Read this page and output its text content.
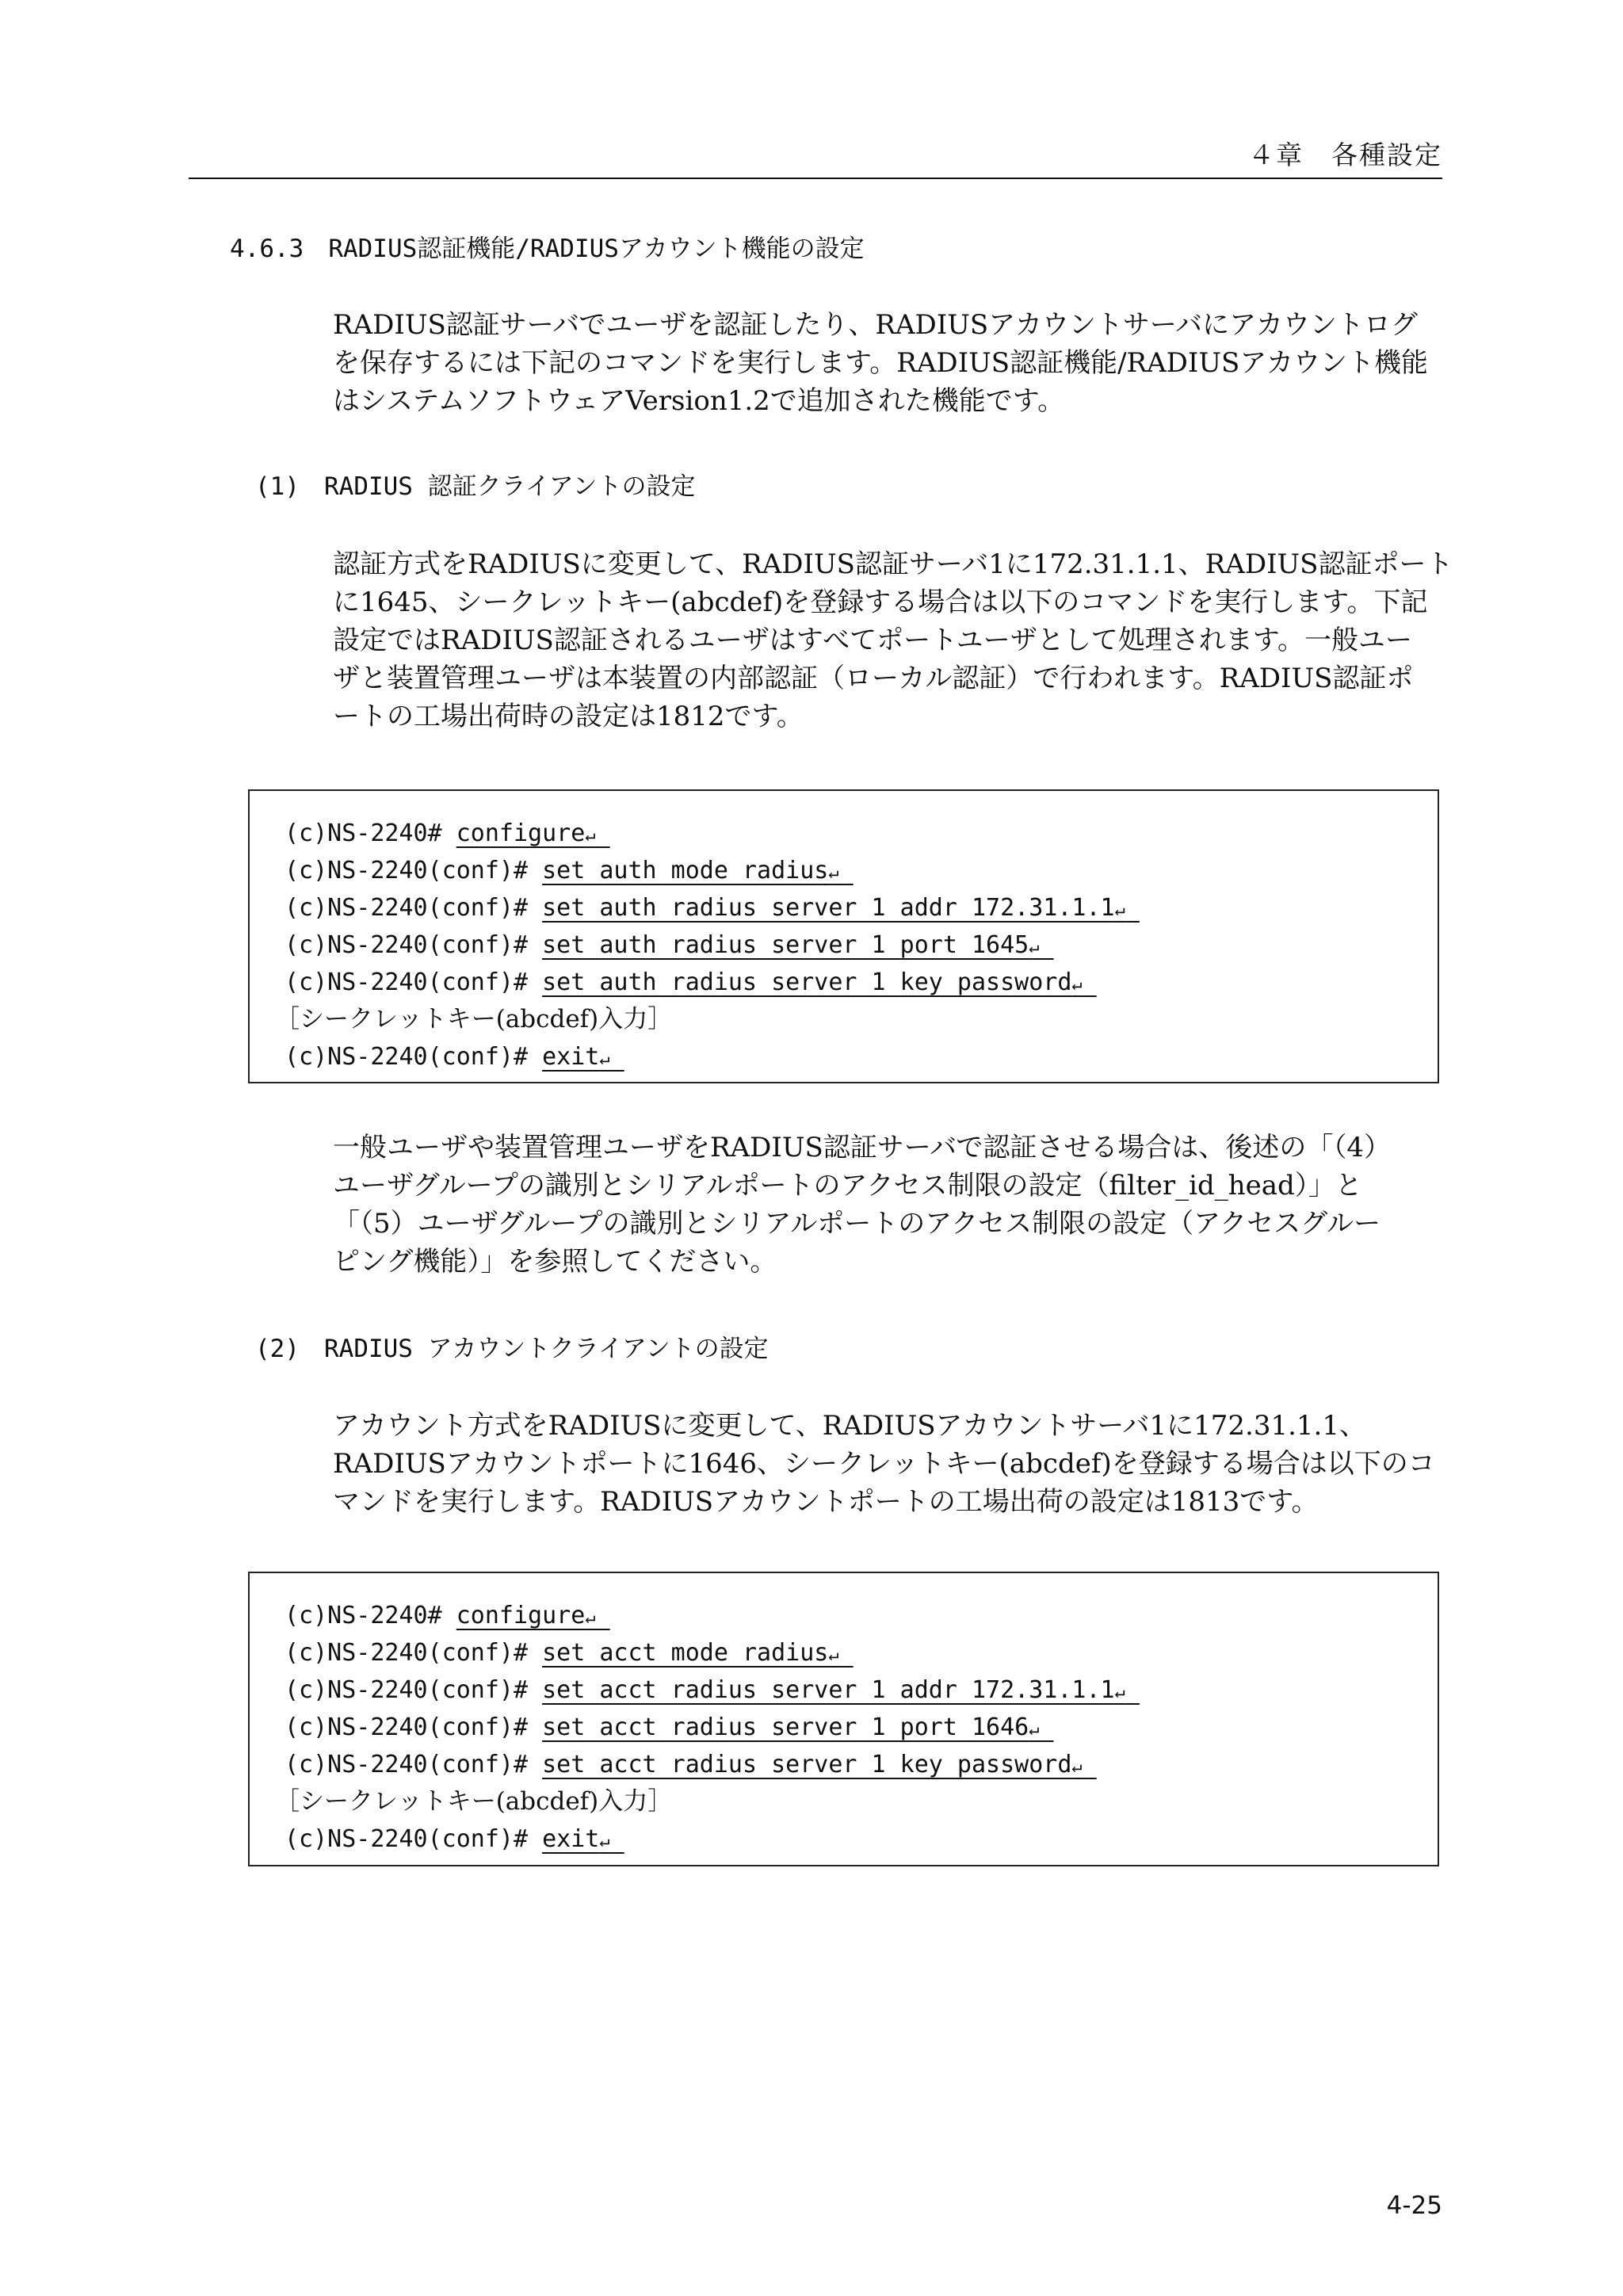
４章　各種設定
4.6.3　RADIUS認証機能/RADIUSアカウント機能の設定
RADIUS認証サーバでユーザを認証したり、RADIUSアカウントサーバにアカウントログ
を保存するには下記のコマンドを実行します。RADIUS認証機能/RADIUSアカウント機能
はシステムソフトウェアVersion1.2で追加された機能です。
(1)　RADIUS 認証クライアントの設定
認証方式をRADIUSに変更して、RADIUS認証サーバ1に172.31.1.1、RADIUS認証ポート
に1645、シークレットキー(abcdef)を登録する場合は以下のコマンドを実行します。下記
設定ではRADIUS認証されるユーザはすべてポートユーザとして処理されます。一般ユー
ザと装置管理ユーザは本装置の内部認証（ローカル認証）で行われます。RADIUS認証ポ
ートの工場出荷時の設定は1812です。
(c)NS-2240# configure↵
(c)NS-2240(conf)# set auth mode radius↵
(c)NS-2240(conf)# set auth radius server 1 addr 172.31.1.1↵
(c)NS-2240(conf)# set auth radius server 1 port 1645↵
(c)NS-2240(conf)# set auth radius server 1 key password↵
［シークレットキー(abcdef)入力］
(c)NS-2240(conf)# exit↵
一般ユーザや装置管理ユーザをRADIUS認証サーバで認証させる場合は、後述の「（4）
ユーザグループの識別とシリアルポートのアクセス制限の設定（filter_id_head）」と
「（5）ユーザグループの識別とシリアルポートのアクセス制限の設定（アクセスグルー
ピング機能）」を参照してください。
(2)　RADIUS アカウントクライアントの設定
アカウント方式をRADIUSに変更して、RADIUSアカウントサーバ1に172.31.1.1、
RADIUSアカウントポートに1646、シークレットキー(abcdef)を登録する場合は以下のコ
マンドを実行します。RADIUSアカウントポートの工場出荷の設定は1813です。
(c)NS-2240# configure↵
(c)NS-2240(conf)# set acct mode radius↵
(c)NS-2240(conf)# set acct radius server 1 addr 172.31.1.1↵
(c)NS-2240(conf)# set acct radius server 1 port 1646↵
(c)NS-2240(conf)# set acct radius server 1 key password↵
［シークレットキー(abcdef)入力］
(c)NS-2240(conf)# exit↵
4-25
